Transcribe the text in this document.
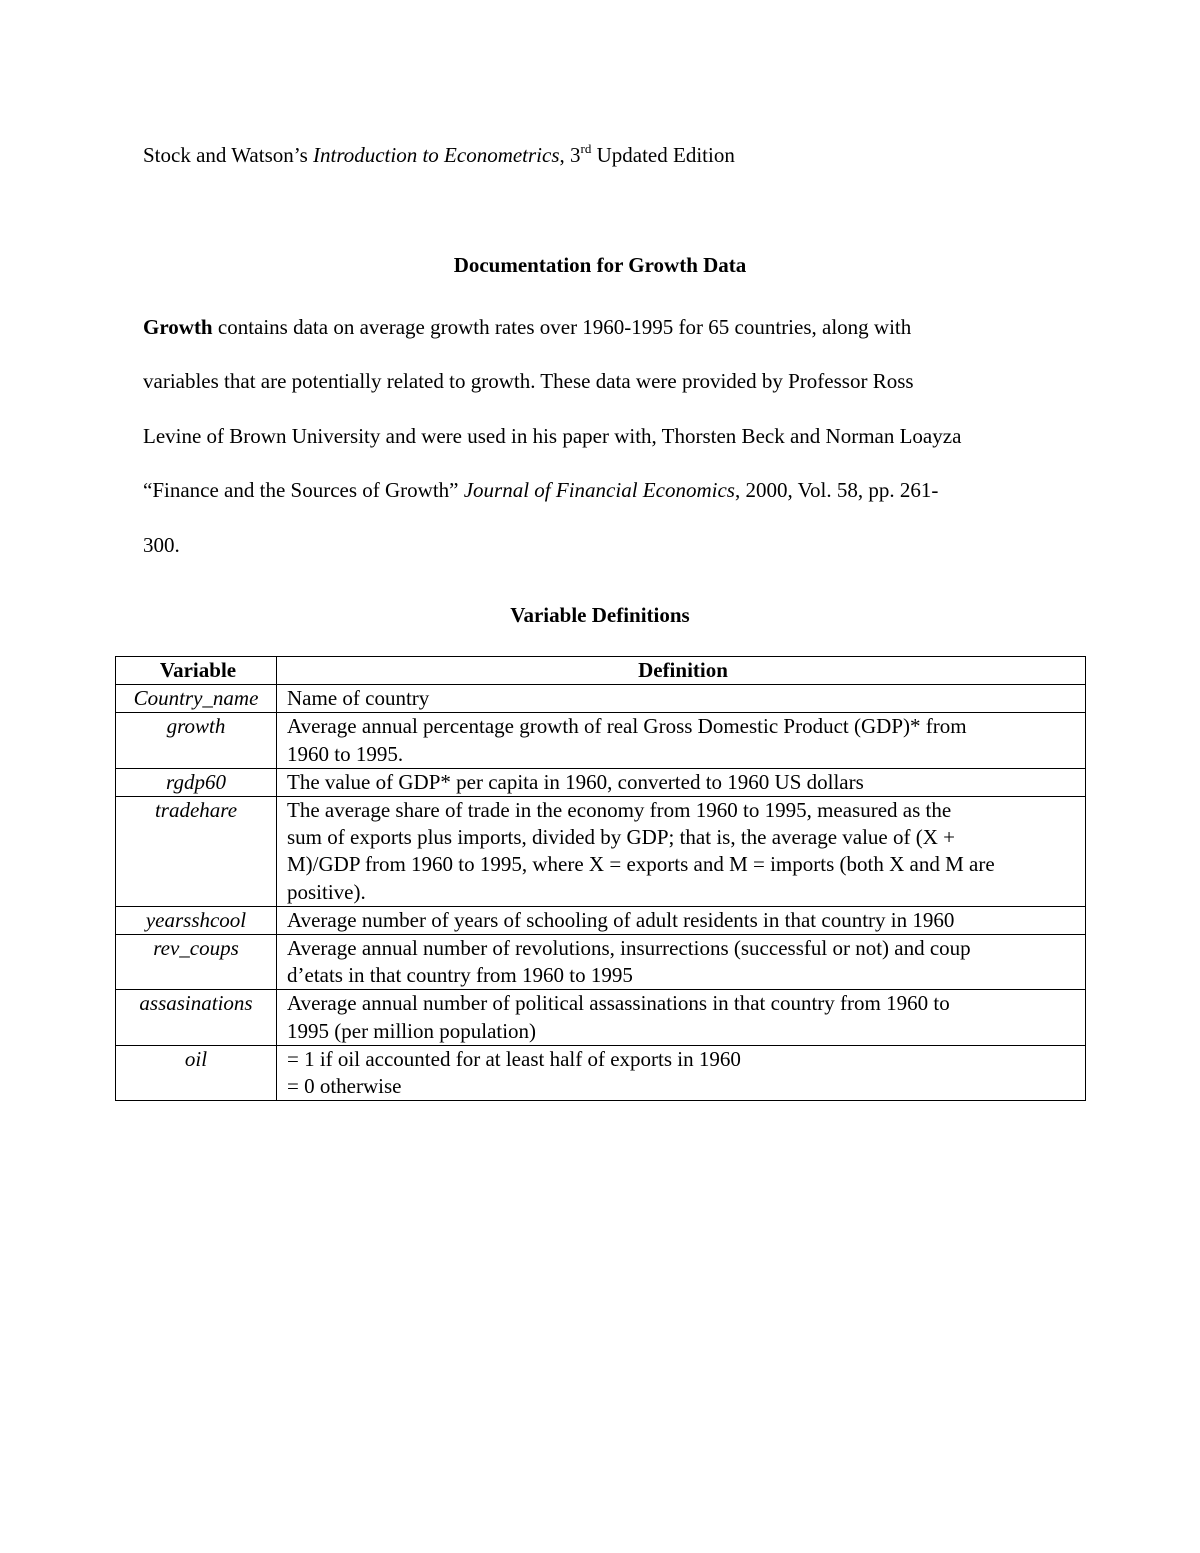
Stock and Watson’s Introduction to Econometrics, 3rd Updated Edition
Documentation for Growth Data
Growth contains data on average growth rates over 1960-1995 for 65 countries, along with
variables that are potentially related to growth. These data were provided by Professor Ross
Levine of Brown University and were used in his paper with, Thorsten Beck and Norman Loayza
“Finance and the Sources of Growth” Journal of Financial Economics, 2000, Vol. 58, pp. 261-
300.
Variable Definitions
Variable	Definition
Country_name	Name of country

growth	Average annual percentage growth of real Gross Domestic Product (GDP)* from
1960 to 1995.

rgdp60	The value of GDP* per capita in 1960, converted to 1960 US dollars

tradehare	The average share of trade in the economy from 1960 to 1995, measured as the
sum of exports plus imports, divided by GDP; that is, the average value of (X +
M)/GDP from 1960 to 1995, where X = exports and M = imports (both X and M are
positive).

yearsshcool	Average number of years of schooling of adult residents in that country in 1960

rev_coups	Average annual number of revolutions, insurrections (successful or not) and coup
d’etats in that country from 1960 to 1995

assasinations	Average annual number of political assassinations in that country from 1960 to
1995 (per million population)

oil	= 1 if oil accounted for at least half of exports in 1960
= 0 otherwise
